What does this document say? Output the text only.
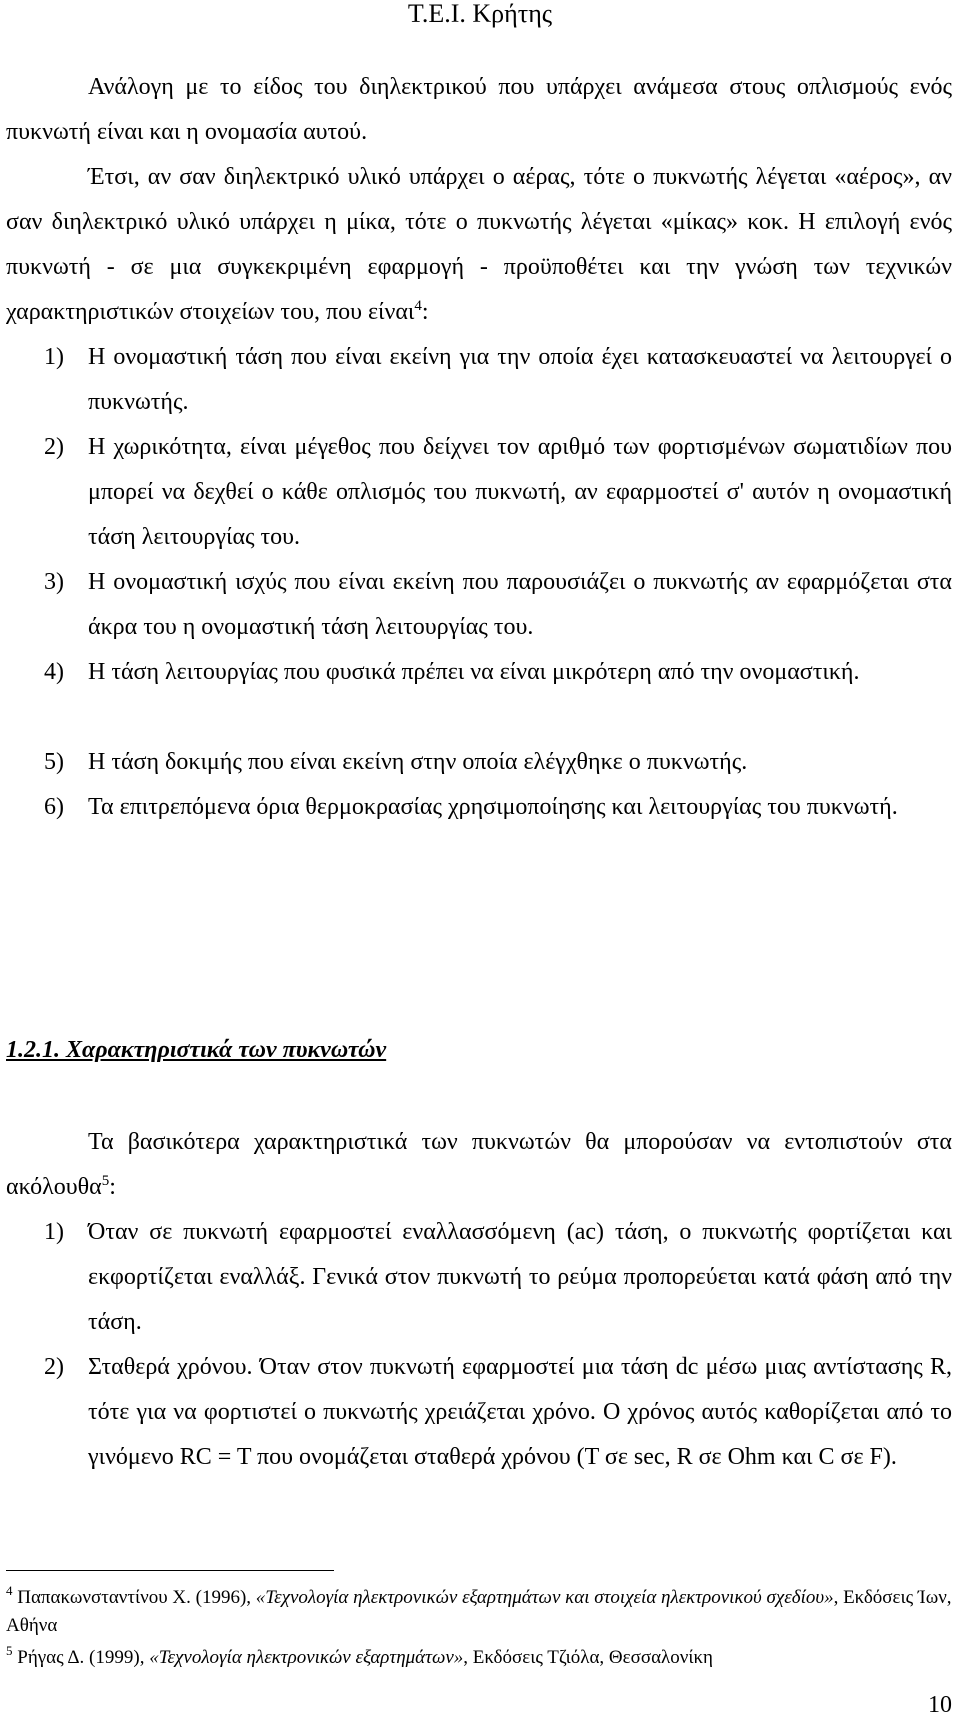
Τ.Ε.Ι. Κρήτης

Ανάλογη με το είδος του διηλεκτρικού που υπάρχει ανάμεσα στους οπλισμούς ενός πυκνωτή είναι και η ονομασία αυτού.

Έτσι, αν σαν διηλεκτρικό υλικό υπάρχει ο αέρας, τότε ο πυκνωτής λέγεται «αέρος», αν σαν διηλεκτρικό υλικό υπάρχει η μίκα, τότε ο πυκνωτής λέγεται «μίκας» κοκ. Η επιλογή ενός πυκνωτή - σε μια συγκεκριμένη εφαρμογή - προϋποθέτει και την γνώση των τεχνικών χαρακτηριστικών στοιχείων του, που είναι$^4$:

1) Η ονομαστική τάση που είναι εκείνη για την οποία έχει κατασκευαστεί να λειτουργεί ο πυκνωτής.
2) Η χωρικότητα, είναι μέγεθος που δείχνει τον αριθμό των φορτισμένων σωματιδίων που μπορεί να δεχθεί ο κάθε οπλισμός του πυκνωτή, αν εφαρμοστεί σ' αυτόν η ονομαστική τάση λειτουργίας του.
3) Η ονομαστική ισχύς που είναι εκείνη που παρουσιάζει ο πυκνωτής αν εφαρμόζεται στα άκρα του η ονομαστική τάση λειτουργίας του.
4) Η τάση λειτουργίας που φυσικά πρέπει να είναι μικρότερη από την ονομαστική.
5) Η τάση δοκιμής που είναι εκείνη στην οποία ελέγχθηκε ο πυκνωτής.
6) Τα επιτρεπόμενα όρια θερμοκρασίας χρησιμοποίησης και λειτουργίας του πυκνωτή.
1.2.1. Χαρακτηριστικά των πυκνωτών

Τα βασικότερα χαρακτηριστικά των πυκνωτών θα μπορούσαν να εντοπιστούν στα ακόλουθα$^5$:

1) Όταν σε πυκνωτή εφαρμοστεί εναλλασσόμενη (ac) τάση, ο πυκνωτής φορτίζεται και εκφορτίζεται εναλλάξ. Γενικά στον πυκνωτή το ρεύμα προπορεύεται κατά φάση από την τάση.
2) Σταθερά χρόνου. Όταν στον πυκνωτή εφαρμοστεί μια τάση dc μέσω μιας αντίστασης R, τότε για να φορτιστεί ο πυκνωτής χρειάζεται χρόνο. Ο χρόνος αυτός καθορίζεται από το γινόμενο RC = T που ονομάζεται σταθερά χρόνου (T σε sec, R σε Ohm και C σε F).

$^4$ Παπακωνσταντίνου Χ. (1996), «Τεχνολογία ηλεκτρονικών εξαρτημάτων και στοιχεία ηλεκτρονικού σχεδίου», Εκδόσεις Ίων, Αθήνα

$^5$ Ρήγας Δ. (1999), «Τεχνολογία ηλεκτρονικών εξαρτημάτων», Εκδόσεις Τζιόλα, Θεσσαλονίκη

10
